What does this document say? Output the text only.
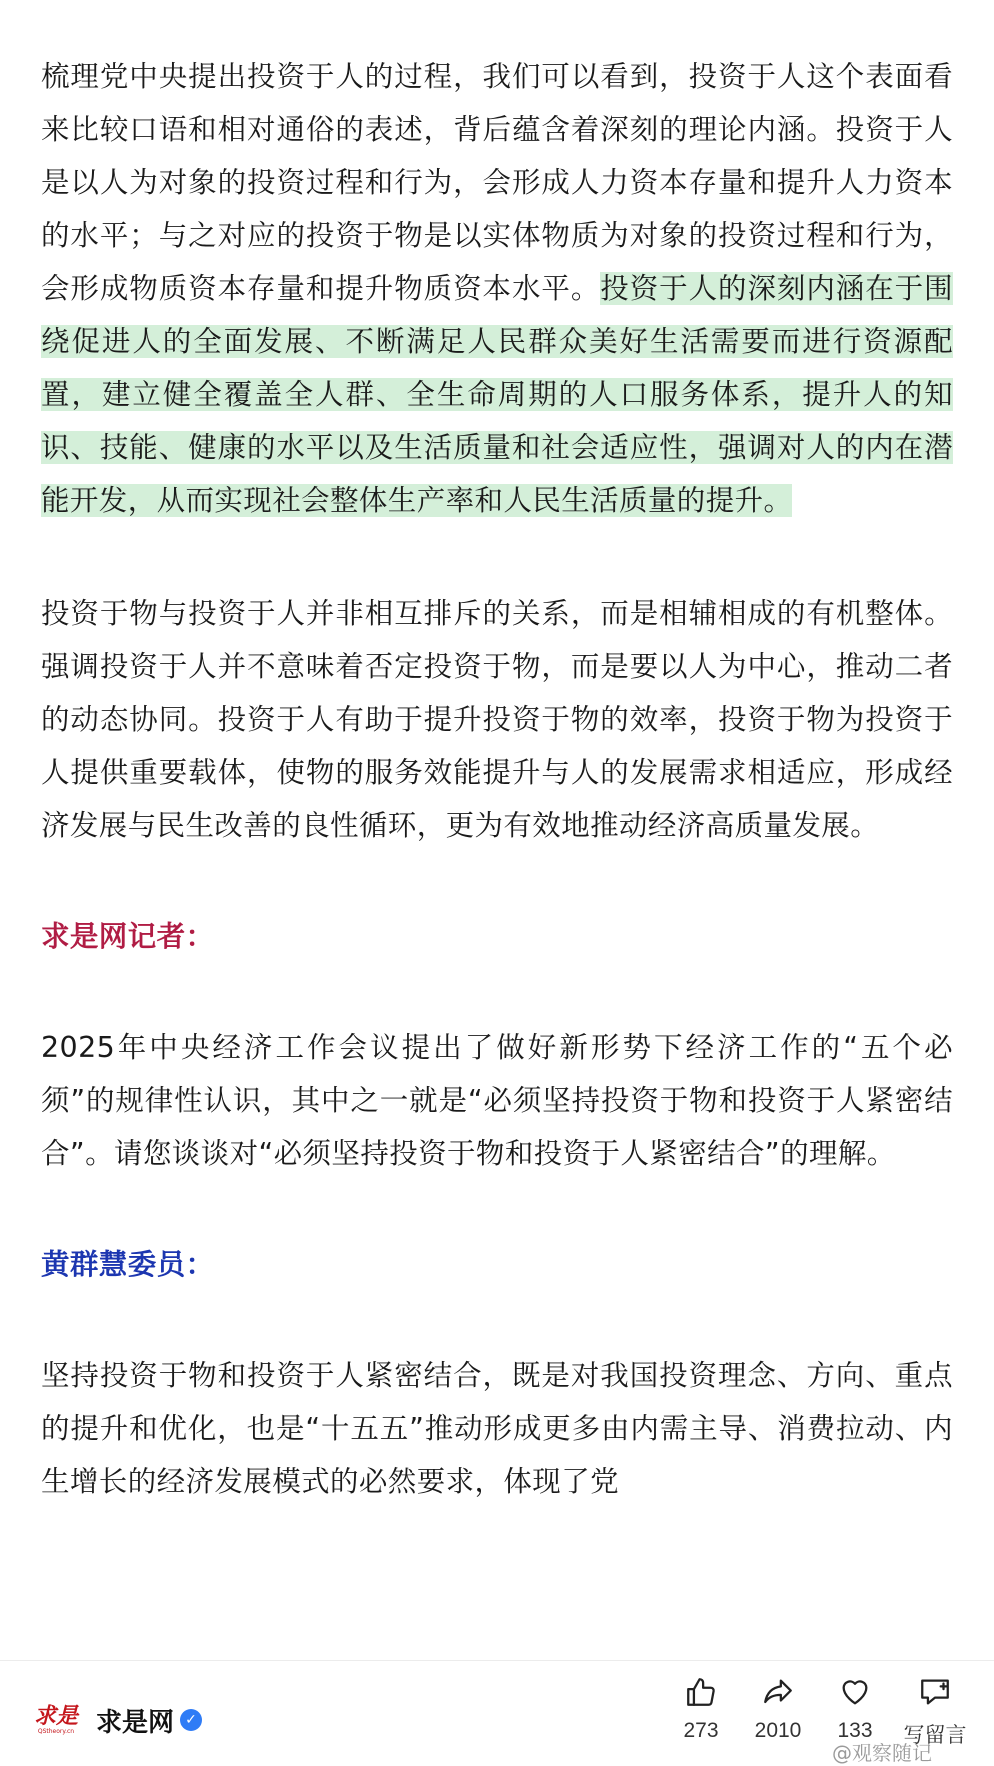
梳理党中央提出投资于人的过程，我们可以看到，投资于人这个表面看来比较口语和相对通俗的表述，背后蕴含着深刻的理论内涵。投资于人是以人为对象的投资过程和行为，会形成人力资本存量和提升人力资本的水平；与之对应的投资于物是以实体物质为对象的投资过程和行为，会形成物质资本存量和提升物质资本水平。投资于人的深刻内涵在于围绕促进人的全面发展、不断满足人民群众美好生活需要而进行资源配置，建立健全覆盖全人群、全生命周期的人口服务体系，提升人的知识、技能、健康的水平以及生活质量和社会适应性，强调对人的内在潜能开发，从而实现社会整体生产率和人民生活质量的提升。

投资于物与投资于人并非相互排斥的关系，而是相辅相成的有机整体。强调投资于人并不意味着否定投资于物，而是要以人为中心，推动二者的动态协同。投资于人有助于提升投资于物的效率，投资于物为投资于人提供重要载体，使物的服务效能提升与人的发展需求相适应，形成经济发展与民生改善的良性循环，更为有效地推动经济高质量发展。

求是网记者：

2025年中央经济工作会议提出了做好新形势下经济工作的“五个必须”的规律性认识，其中之一就是“必须坚持投资于物和投资于人紧密结合”。请您谈谈对“必须坚持投资于物和投资于人紧密结合”的理解。

黄群慧委员：

坚持投资于物和投资于人紧密结合，既是对我国投资理念、方向、重点的提升和优化，也是“十五五”推动形成更多由内需主导、消费拉动、内生增长的经济发展模式的必然要求，体现了党

求是
QStheory.cn 求是网 ✓	273 2010 133 写留言
@观察随记
